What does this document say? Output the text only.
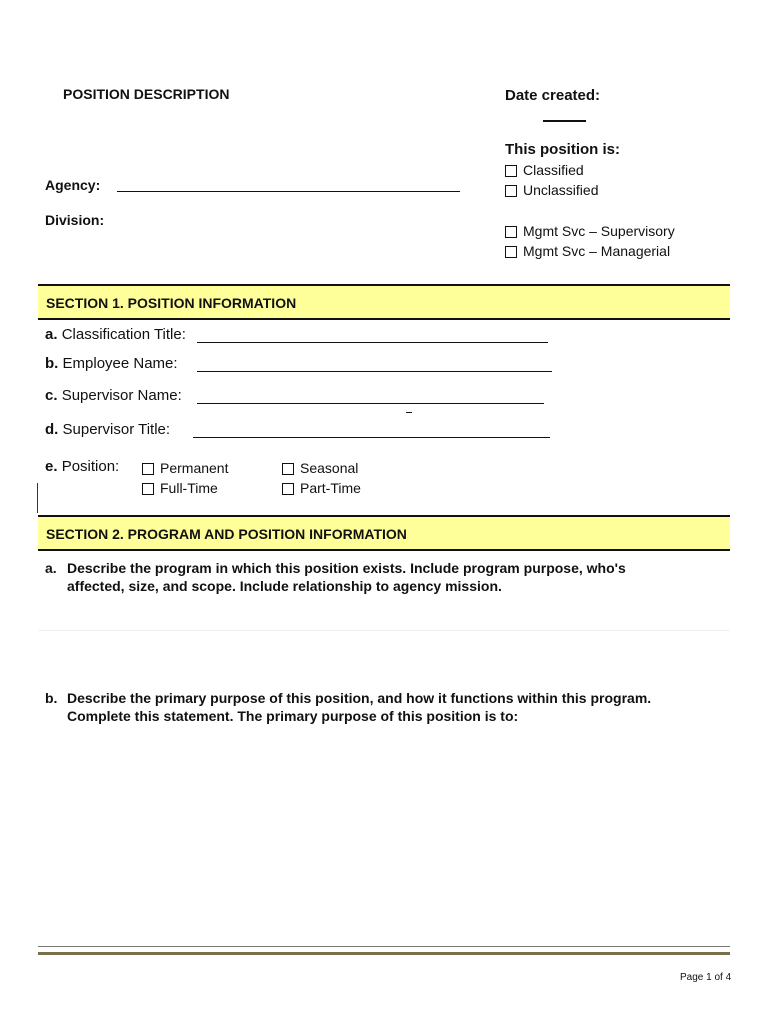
POSITION DESCRIPTION	Date created:
This position is:
Classified
Unclassified
Agency:
Division:
Mgmt Svc – Supervisory
Mgmt Svc – Managerial
SECTION 1. POSITION INFORMATION
a. Classification Title:
b. Employee Name:
c. Supervisor Name:
d. Supervisor Title:
e. Position:	Permanent	Seasonal
Full-Time	Part-Time
SECTION 2. PROGRAM AND POSITION INFORMATION
a. Describe the program in which this position exists. Include program purpose, who's
affected, size, and scope. Include relationship to agency mission.
b. Describe the primary purpose of this position, and how it functions within this program.
Complete this statement. The primary purpose of this position is to:
Page 1 of 4
